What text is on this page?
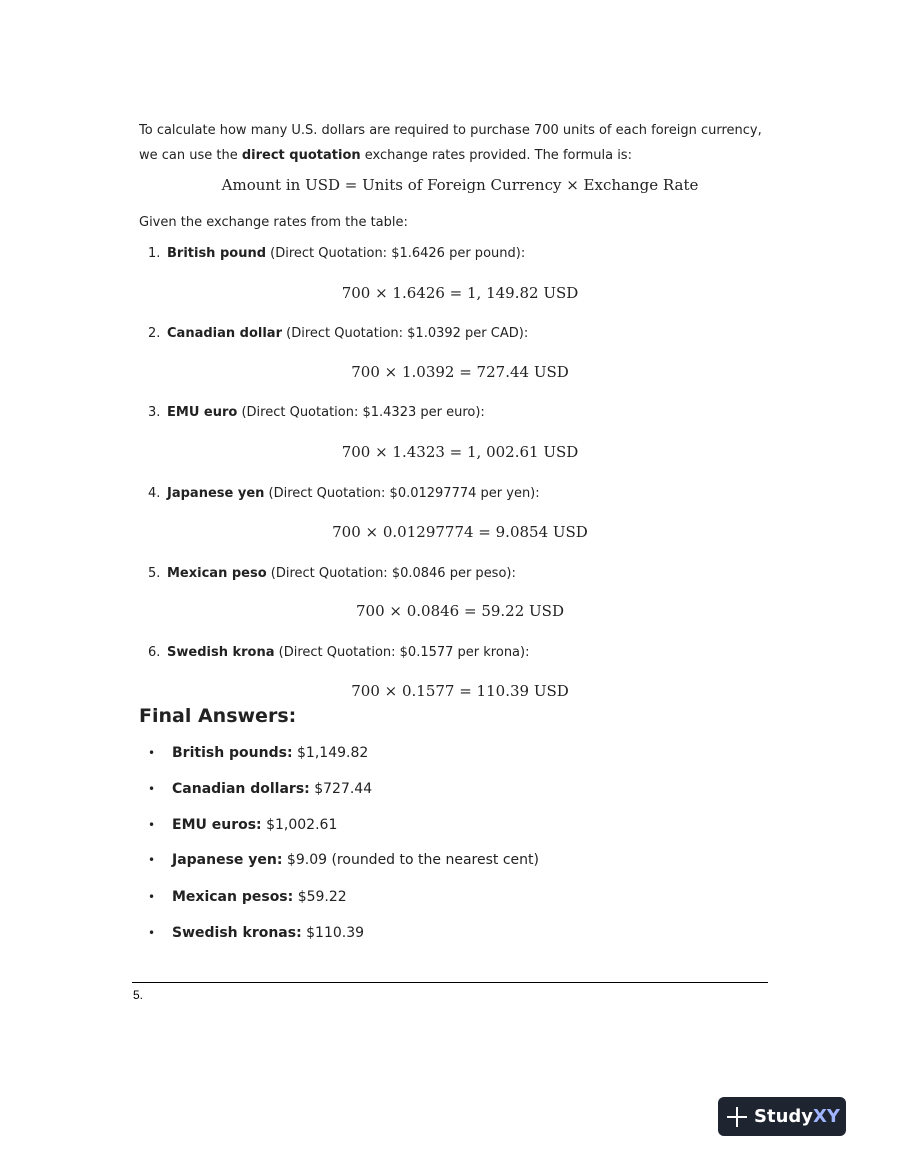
To calculate how many U.S. dollars are required to purchase 700 units of each foreign currency, we can use the direct quotation exchange rates provided. The formula is:
Amount in USD = Units of Foreign Currency × Exchange Rate
Given the exchange rates from the table:
1. British pound (Direct Quotation: $1.6426 per pound):
700 × 1.6426 = 1, 149.82 USD
2. Canadian dollar (Direct Quotation: $1.0392 per CAD):
700 × 1.0392 = 727.44 USD
3. EMU euro (Direct Quotation: $1.4323 per euro):
700 × 1.4323 = 1, 002.61 USD
4. Japanese yen (Direct Quotation: $0.01297774 per yen):
700 × 0.01297774 = 9.0854 USD
5. Mexican peso (Direct Quotation: $0.0846 per peso):
700 × 0.0846 = 59.22 USD
6. Swedish krona (Direct Quotation: $0.1577 per krona):
700 × 0.1577 = 110.39 USD
Final Answers:
• British pounds: $1,149.82
• Canadian dollars: $727.44
• EMU euros: $1,002.61
• Japanese yen: $9.09 (rounded to the nearest cent)
• Mexican pesos: $59.22
• Swedish kronas: $110.39
5.
Study XY
